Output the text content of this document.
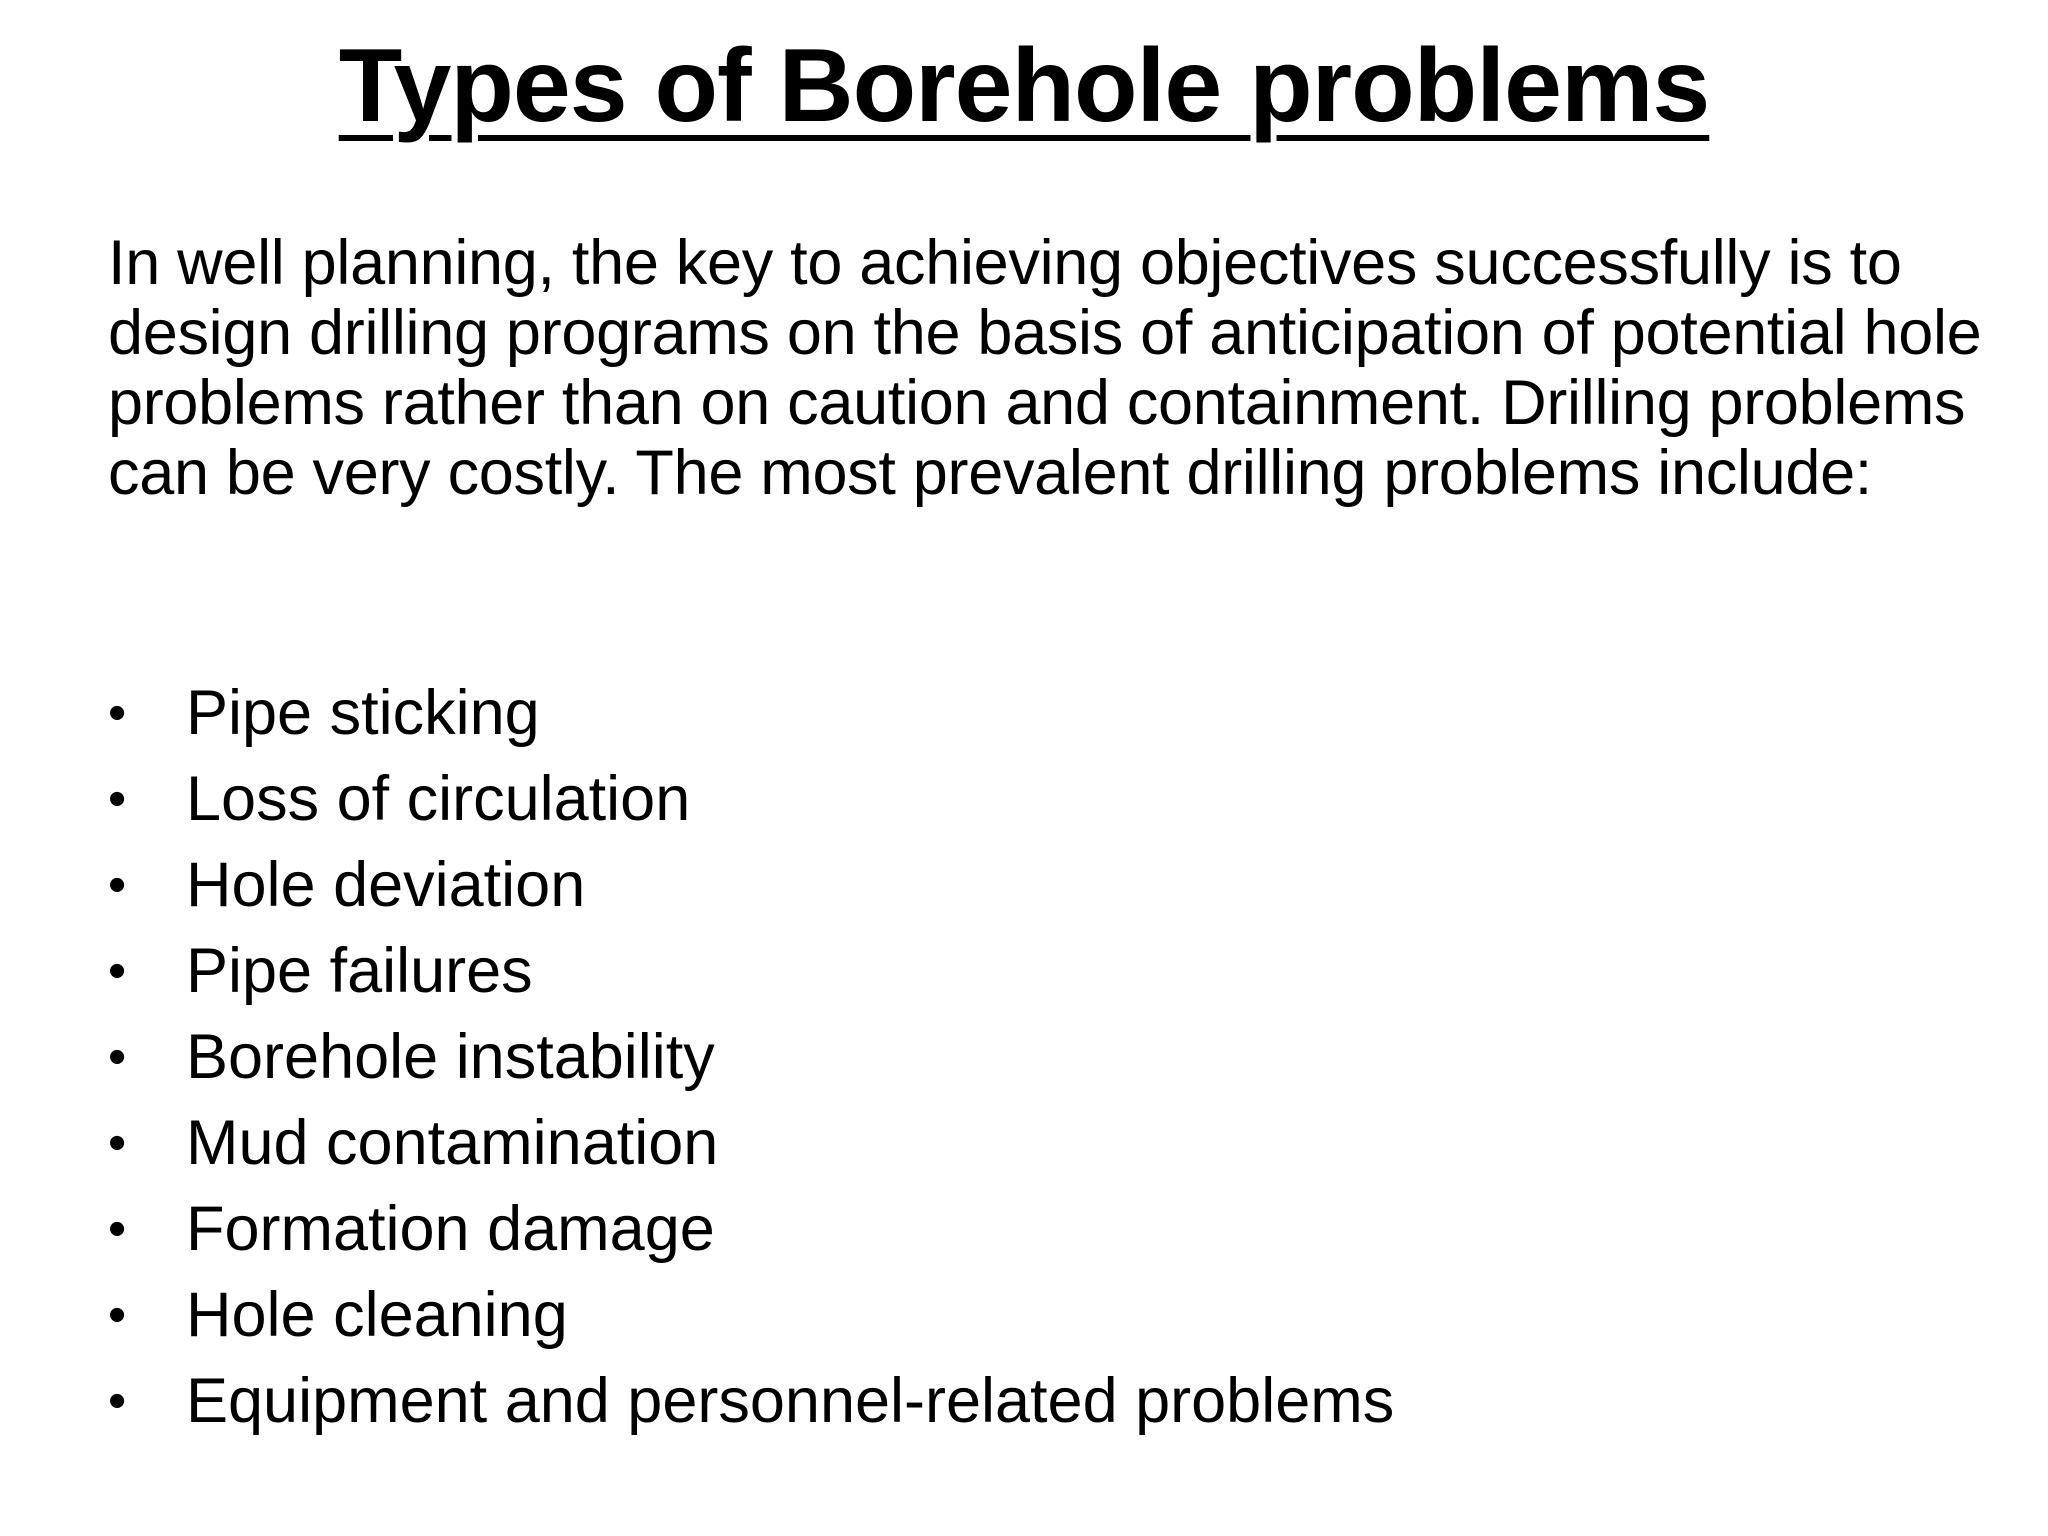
Types of Borehole problems
In well planning, the key to achieving objectives successfully is to design drilling programs on the basis of anticipation of potential hole problems rather than on caution and containment. Drilling problems can be very costly. The most prevalent drilling problems include:
• Pipe sticking
• Loss of circulation
• Hole deviation
• Pipe failures
• Borehole instability
• Mud contamination
• Formation damage
• Hole cleaning
• Equipment and personnel-related problems
